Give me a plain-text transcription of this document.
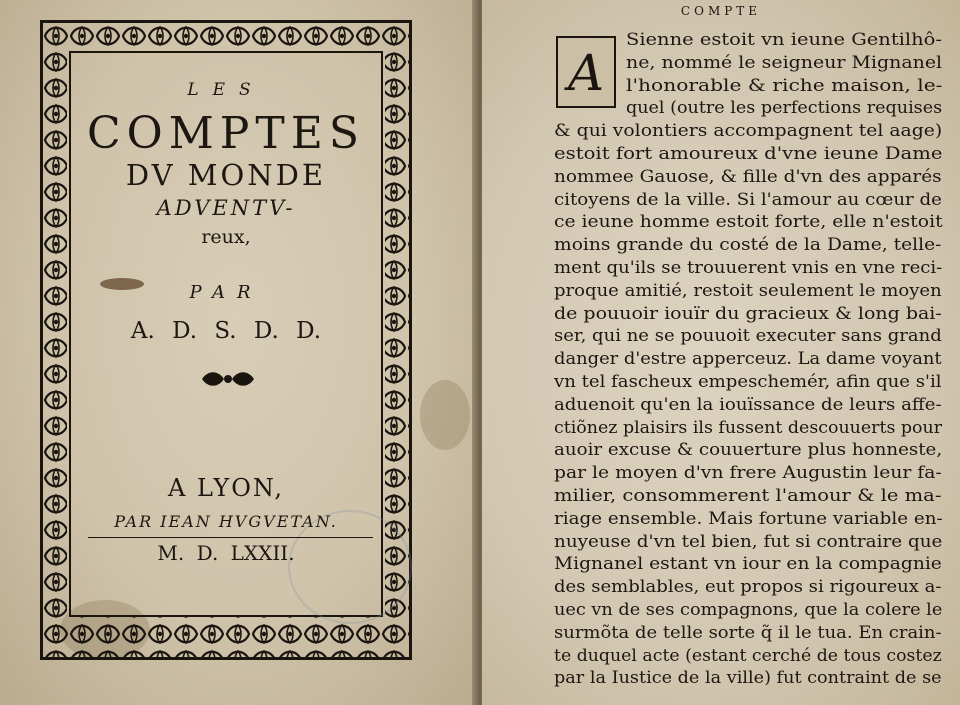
LES
COMPTES
DV MONDE
ADVENTV-
reux,
PAR
A. D. S. D. D.
A LYON,
PAR IEAN HVGVETAN.
M. D. LXXII.
COMPTE
A
Sienne estoit vn ieune Gentilhô-
ne, nommé le seigneur Mignanel
l'honorable & riche maison, le-
quel (outre les perfections requises
& qui volontiers accompagnent tel aage)
estoit fort amoureux d'vne ieune Dame
nommee Gauose, & fille d'vn des apparés
citoyens de la ville. Si l'amour au cœur de
ce ieune homme estoit forte, elle n'estoit
moins grande du costé de la Dame, telle-
ment qu'ils se trouuerent vnis en vne reci-
proque amitié, restoit seulement le moyen
de pouuoir iouïr du gracieux & long bai-
ser, qui ne se pouuoit executer sans grand
danger d'estre apperceuz. La dame voyant
vn tel fascheux empeschemér, afin que s'il
aduenoit qu'en la iouïssance de leurs affe-
ctiõnez plaisirs ils fussent descouuerts pour
auoir excuse & couuerture plus honneste,
par le moyen d'vn frere Augustin leur fa-
milier, consommerent l'amour & le ma-
riage ensemble. Mais fortune variable en-
nuyeuse d'vn tel bien, fut si contraire que
Mignanel estant vn iour en la compagnie
des semblables, eut propos si rigoureux a-
uec vn de ses compagnons, que la colere le
surmõta de telle sorte q̃ il le tua. En crain-
te duquel acte (estant cerché de tous costez
par la Iustice de la ville) fut contraint de se
